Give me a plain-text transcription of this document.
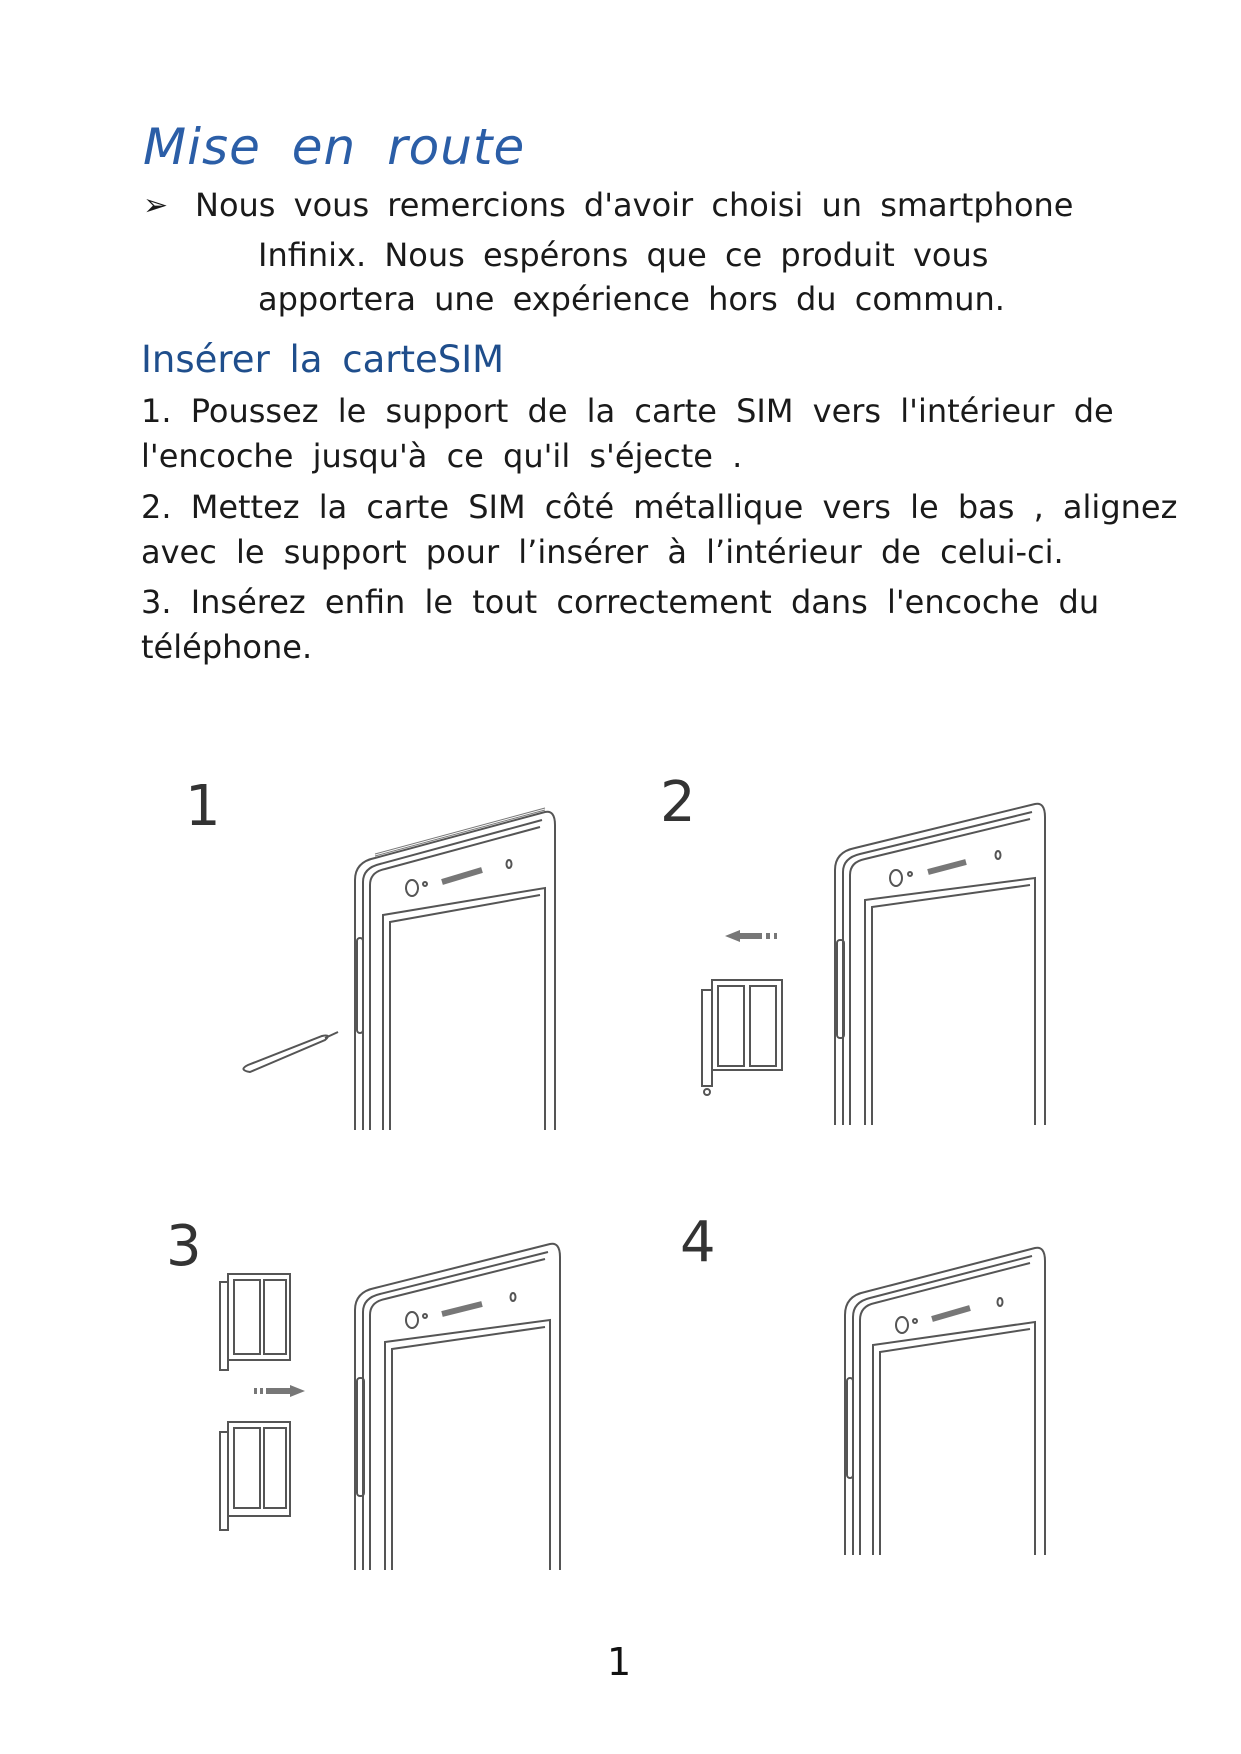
Mise en route
➢ Nous vous remercions d'avoir choisi un smartphone
Infinix. Nous espérons que ce produit vous
apportera une expérience hors du commun.
Insérer la carteSIM
1. Poussez le support de la carte SIM vers l'intérieur de
l'encoche jusqu'à ce qu'il s'éjecte .
2. Mettez la carte SIM côté métallique vers le bas , alignez
avec le support pour l’insérer à l’intérieur de celui-ci.
3. Insérez enfin le tout correctement dans l'encoche du
téléphone.
1	2
3	4
1
